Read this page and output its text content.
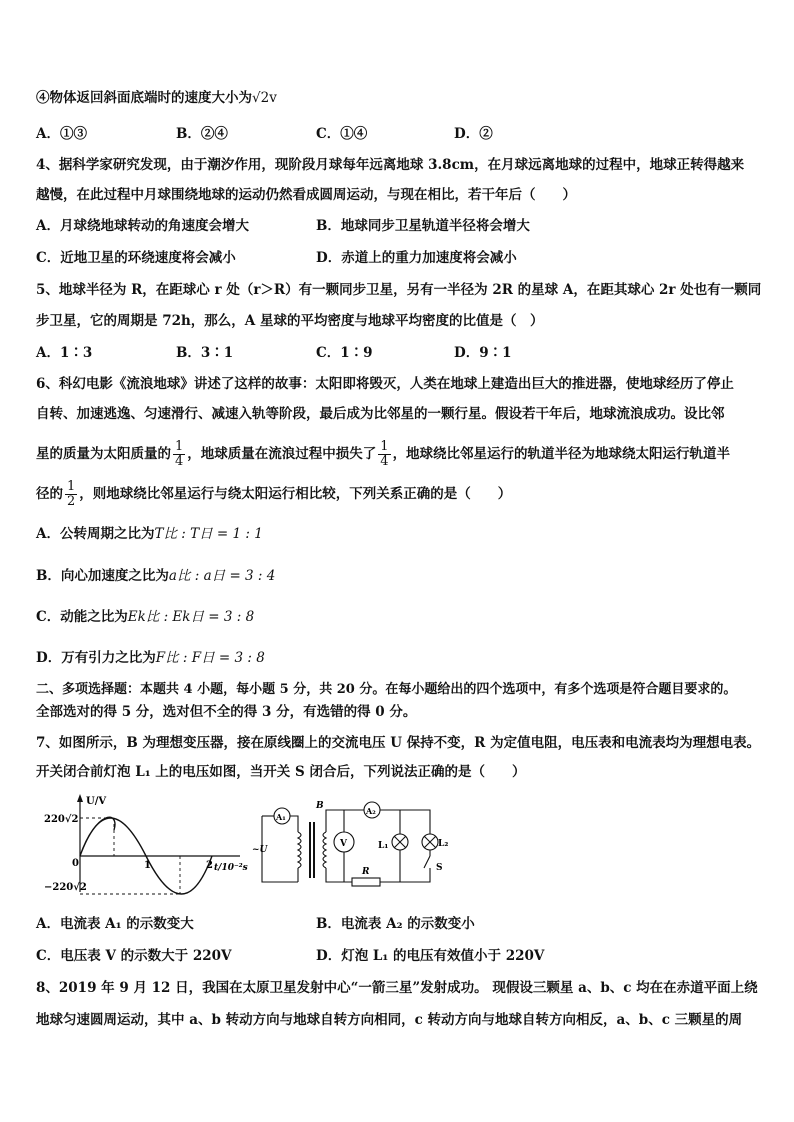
④物体返回斜面底端时的速度大小为√2v
A．①③	B．②④	C．①④	D．②
4、据科学家研究发现，由于潮汐作用，现阶段月球每年远离地球 3.8cm，在月球远离地球的过程中，地球正转得越来
越慢，在此过程中月球围绕地球的运动仍然看成圆周运动，与现在相比，若干年后（　　）
A．月球绕地球转动的角速度会增大	B．地球同步卫星轨道半径将会增大
C．近地卫星的环绕速度将会减小	D．赤道上的重力加速度将会减小
5、地球半径为 R，在距球心 r 处（r＞R）有一颗同步卫星，另有一半径为 2R 的星球 A，在距其球心 2r 处也有一颗同
步卫星，它的周期是 72h，那么，A 星球的平均密度与地球平均密度的比值是（　）
A．1∶3	B．3∶1	C．1∶9	D．9∶1
6、科幻电影《流浪地球》讲述了这样的故事：太阳即将毁灭，人类在地球上建造出巨大的推进器，使地球经历了停止
自转、加速逃逸、匀速滑行、减速入轨等阶段，最后成为比邻星的一颗行星。假设若干年后，地球流浪成功。设比邻
星的质量为太阳质量的 $\frac{1}{4}$ ，地球质量在流浪过程中损失了 $\frac{1}{4}$ ，地球绕比邻星运行的轨道半径为地球绕太阳运行轨道半
径的 $\frac{1}{2}$ ，则地球绕比邻星运行与绕太阳运行相比较，下列关系正确的是（　　）
A．公转周期之比为T比 : T日 = 1 : 1
B．向心加速度之比为a比 : a日 = 3 : 4
C．动能之比为Ek比 : Ek日 = 3 : 8
D．万有引力之比为F比 : F日 = 3 : 8
二、多项选择题：本题共 4 小题，每小题 5 分，共 20 分。在每小题给出的四个选项中，有多个选项是符合题目要求的。
全部选对的得 5 分，选对但不全的得 3 分，有选错的得 0 分。
7、如图所示，B 为理想变压器，接在原线圈上的交流电压 U 保持不变，R 为定值电阻，电压表和电流表均为理想电表。
开关闭合前灯泡 L₁ 上的电压如图，当开关 S 闭合后，下列说法正确的是（　　）
U/V
220√2
−220√2
0	1	2 t/10⁻²s
A₁
A₂
B
V
~U	L₁	L₂
R	S
A．电流表 A₁ 的示数变大	B．电流表 A₂ 的示数变小
C．电压表 V 的示数大于 220V	D．灯泡 L₁ 的电压有效值小于 220V
8、2019 年 9 月 12 日，我国在太原卫星发射中心“一箭三星”发射成功。 现假设三颗星 a、b、c 均在在赤道平面上绕
地球匀速圆周运动，其中 a、b 转动方向与地球自转方向相同，c 转动方向与地球自转方向相反，a、b、c 三颗星的周
